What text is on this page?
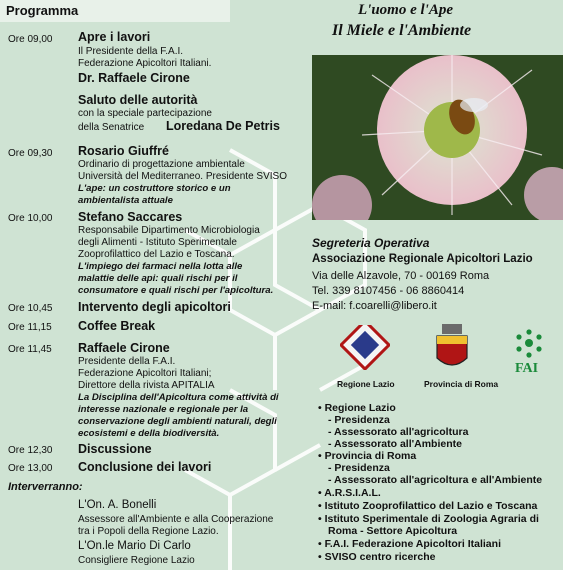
Programma
Ore 09,00 Apre i lavori
Il Presidente della F.A.I.
Federazione Apicoltori Italiani.
Dr. Raffaele Cirone
Saluto delle autorità
con la speciale partecipazione
della Senatrice Loredana De Petris
Ore 09,30 Rosario Giuffré
Ordinario di progettazione ambientale
Università del Mediterraneo. Presidente SVISO
L'ape: un costruttore storico e un
ambientalista attuale
Ore 10,00 Stefano Saccares
Responsabile Dipartimento Microbiologia
degli Alimenti - Istituto Sperimentale
Zooprofilattico del Lazio e Toscana.
L'impiego dei farmaci nella lotta alle
malattie delle api: quali rischi per il
consumatore e quali rischi per l'apicoltura.
Ore 10,45 Intervento degli apicoltori
Ore 11,15 Coffee Break
Ore 11,45 Raffaele Cirone
Presidente della F.A.I.
Federazione Apicoltori Italiani;
Direttore della rivista APITALIA
La Disciplina dell'Apicoltura come attività di
interesse nazionale e regionale per la
conservazione degli ambienti naturali, degli
ecosistemi e della biodiversità.
Ore 12,30 Discussione
Ore 13,00 Conclusione dei lavori
Interverranno:
L'On. A. Bonelli
Assessore all'Ambiente e alla Cooperazione
tra i Popoli della Regione Lazio.
L'On.le Mario Di Carlo
Consigliere Regione Lazio
L'uomo e l'Ape
Il Miele e l'Ambiente
Segreteria Operativa
Associazione Regionale Apicoltori Lazio
Via delle Alzavole, 70 - 00169 Roma
Tel. 339 8107456 - 06 8860414
E-mail: f.coarelli@libero.it
Regione Lazio	Provincia di Roma
FAI
• Regione Lazio
- Presidenza
- Assessorato all'agricoltura
- Assessorato all'Ambiente
• Provincia di Roma
- Presidenza
- Assessorato all'agricoltura e all'Ambiente
• A.R.S.I.A.L.
• Istituto Zooprofilattico del Lazio e Toscana
• Istituto Sperimentale di Zoologia Agraria di
Roma - Settore Apicoltura
• F.A.I. Federazione Apicoltori Italiani
• SVISO centro ricerche
